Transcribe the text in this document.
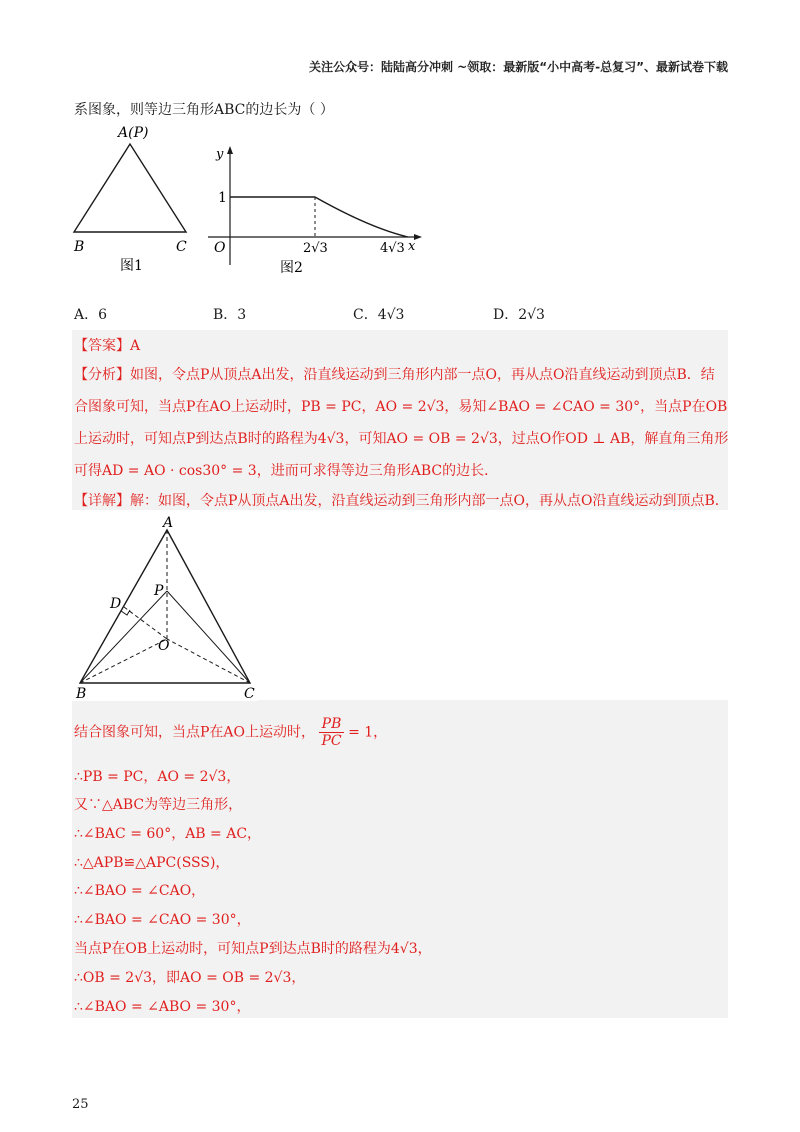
关注公众号：陆陆高分冲刺 ~领取：最新版“小中高考-总复习”、最新试卷下载
系图象，则等边三角形ABC的边长为（ ）
A(P)
B	C
图1
y
x
O
1
2√3	4√3
图2
A．6	B．3	C．4√3	D．2√3
【答案】A
【分析】如图，令点P从顶点A出发，沿直线运动到三角形内部一点O，再从点O沿直线运动到顶点B．结
合图象可知，当点P在AO上运动时，PB = PC，AO = 2√3，易知∠BAO = ∠CAO = 30°，当点P在OB
上运动时，可知点P到达点B时的路程为4√3，可知AO = OB = 2√3，过点O作OD ⊥ AB，解直角三角形
可得AD = AO · cos30° = 3，进而可求得等边三角形ABC的边长．
【详解】解：如图，令点P从顶点A出发，沿直线运动到三角形内部一点O，再从点O沿直线运动到顶点B．
A
B	C
D
P
O
结合图象可知，当点P在AO上运动时， $\frac{PB}{PC} = 1$，
∴PB = PC，AO = 2√3，
又∵△ABC为等边三角形，
∴∠BAC = 60°，AB = AC，
∴△APB≌△APC(SSS)，
∴∠BAO = ∠CAO，
∴∠BAO = ∠CAO = 30°，
当点P在OB上运动时，可知点P到达点B时的路程为4√3，
∴OB = 2√3，即AO = OB = 2√3，
∴∠BAO = ∠ABO = 30°，
25
